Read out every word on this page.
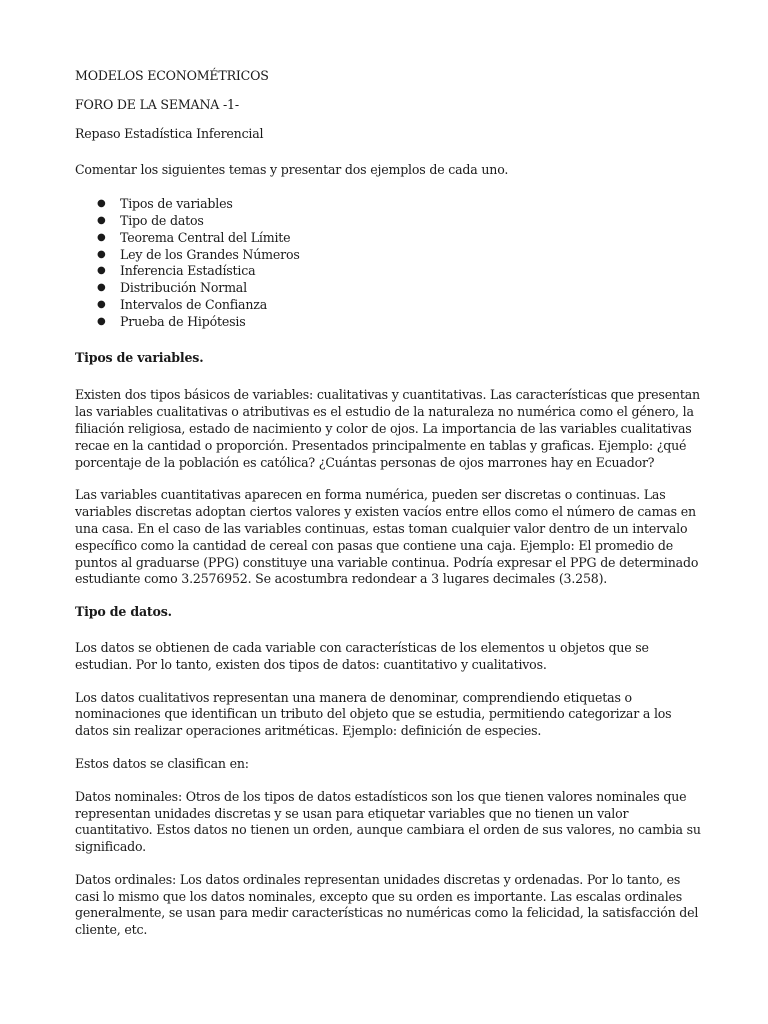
MODELOS ECONOMÉTRICOS

FORO DE LA SEMANA -1-

Repaso Estadística Inferencial

Comentar los siguientes temas y presentar dos ejemplos de cada uno.

● Tipos de variables
● Tipo de datos
● Teorema Central del Límite
● Ley de los Grandes Números
● Inferencia Estadística
● Distribución Normal
● Intervalos de Confianza
● Prueba de Hipótesis
Tipos de variables.

Existen dos tipos básicos de variables: cualitativas y cuantitativas. Las características que presentan las variables cualitativas o atributivas es el estudio de la naturaleza no numérica como el género, la filiación religiosa, estado de nacimiento y color de ojos. La importancia de las variables cualitativas recae en la cantidad o proporción. Presentados principalmente en tablas y graficas. Ejemplo: ¿qué porcentaje de la población es católica? ¿Cuántas personas de ojos marrones hay en Ecuador?

Las variables cuantitativas aparecen en forma numérica, pueden ser discretas o continuas. Las variables discretas adoptan ciertos valores y existen vacíos entre ellos como el número de camas en una casa. En el caso de las variables continuas, estas toman cualquier valor dentro de un intervalo específico como la cantidad de cereal con pasas que contiene una caja. Ejemplo: El promedio de puntos al graduarse (PPG) constituye una variable continua. Podría expresar el PPG de determinado estudiante como 3.2576952. Se acostumbra redondear a 3 lugares decimales (3.258).

Tipo de datos.

Los datos se obtienen de cada variable con características de los elementos u objetos que se estudian. Por lo tanto, existen dos tipos de datos: cuantitativo y cualitativos.

Los datos cualitativos representan una manera de denominar, comprendiendo etiquetas o nominaciones que identifican un tributo del objeto que se estudia, permitiendo categorizar a los datos sin realizar operaciones aritméticas. Ejemplo: definición de especies.

Estos datos se clasifican en:

Datos nominales: Otros de los tipos de datos estadísticos son los que tienen valores nominales que representan unidades discretas y se usan para etiquetar variables que no tienen un valor cuantitativo. Estos datos no tienen un orden, aunque cambiara el orden de sus valores, no cambia su significado.

Datos ordinales: Los datos ordinales representan unidades discretas y ordenadas. Por lo tanto, es casi lo mismo que los datos nominales, excepto que su orden es importante. Las escalas ordinales generalmente, se usan para medir características no numéricas como la felicidad, la satisfacción del cliente, etc.
